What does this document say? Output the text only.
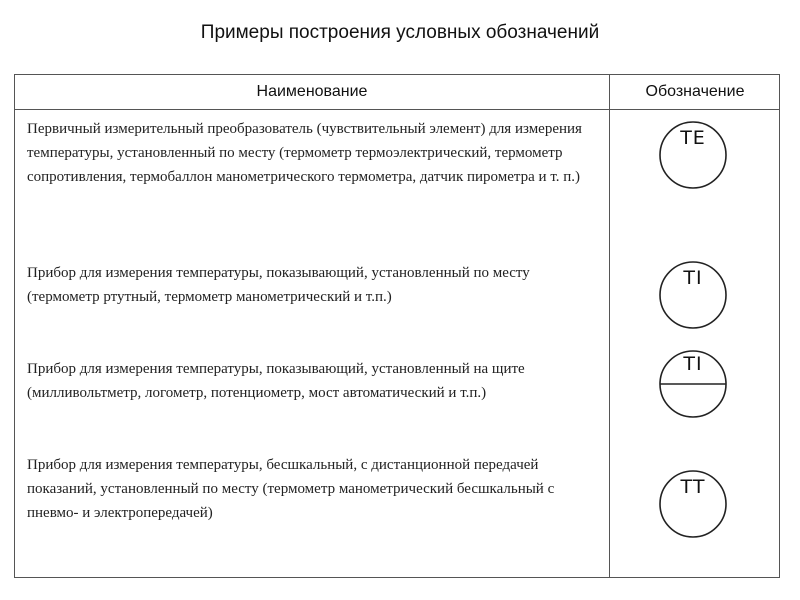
Примеры построения условных обозначений
Наименование	Обозначение
Первичный измерительный преобразователь (чувствительный элемент) для измерения температуры, установленный по месту (термометр термоэлектрический, термометр сопротивления, термобаллон манометрического термометра, датчик пирометра и т. п.)
TE
Прибор для измерения температуры, показывающий, установленный по месту (термометр ртутный, термометр манометрический и т.п.)
TI
Прибор для измерения температуры, показывающий, установленный на щите (милливольтметр, логометр, потенциометр, мост автоматический и т.п.)
TI
Прибор для измерения температуры, бесшкальный, с дистанционной передачей показаний, установленный по месту (термометр манометрический бесшкальный с пневмо- и электропередачей)
TT
